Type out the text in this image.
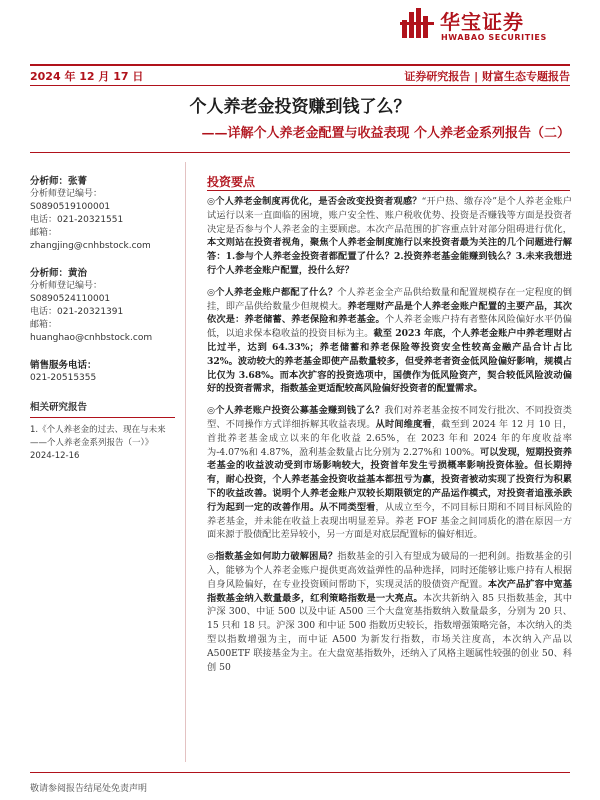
华宝证券
HWABAO SECURITIES
2024 年 12 月 17 日	证券研究报告 | 财富生态专题报告
个人养老金投资赚到钱了么？
——详解个人养老金配置与收益表现 个人养老金系列报告（二）
分析师：张菁
分析师登记编号：S0890519100001
电话：021-20321551
邮箱：zhangjing@cnhbstock.com
分析师：黄治
分析师登记编号：S0890524110001
电话：021-20321391
邮箱：huanghao@cnhbstock.com
销售服务电话：
021-20515355
相关研究报告
1.《个人养老金的过去、现在与未来——个人养老金系列报告（一）》
2024-12-16
投资要点

◎个人养老金制度再优化，是否会改变投资者观感？“开户热、缴存冷”是个人养老金账户试运行以来一直面临的困境，账户安全性、账户税收优势、投资是否赚钱等方面是投资者决定是否参与个人养老金的主要顾虑。本次产品范围的扩容重点针对部分阻碍进行优化，本文则站在投资者视角，聚焦个人养老金制度施行以来投资者最为关注的几个问题进行解答：1.参与个人养老金投资者都配置了什么？2.投资养老基金能赚到钱么？3.未来我想进行个人养老金账户配置，投什么好？

◎个人养老金账户都配了什么？个人养老金全产品供给数量和配置规模存在一定程度的倒挂，即产品供给数量少但规模大。养老理财产品是个人养老金账户配置的主要产品，其次依次是：养老储蓄、养老保险和养老基金。个人养老金账户持有者整体风险偏好水平仍偏低，以追求保本稳收益的投资目标为主。截至 2023 年底，个人养老金账户中养老理财占比过半，达到 64.33%；养老储蓄和养老保险等投资安全性较高金融产品合计占比 32%。波动较大的养老基金即使产品数量较多，但受养老者资金低风险偏好影响，规模占比仅为 3.68%。而本次扩容的投资选项中，国债作为低风险资产，契合较低风险波动偏好的投资者需求，指数基金更适配较高风险偏好投资者的配置需求。

◎个人养老账户投资公募基金赚到钱了么？我们对养老基金按不同发行批次、不同投资类型、不同操作方式详细拆解其收益表现。从时间维度看，截至到 2024 年 12 月 10 日，首批养老基金成立以来的年化收益 2.65%，在 2023 年和 2024 年的年度收益率为-4.07%和 4.87%，盈利基金数量占比分别为 2.27%和 100%。可以发现，短期投资养老基金的收益波动受到市场影响较大，投资首年发生亏损概率影响投资体验。但长期持有，耐心投资，个人养老基金投资收益基本都扭亏为赢，投资者被动实现了投资行为积累下的收益改善。说明个人养老金账户双较长期限锁定的产品运作模式，对投资者追涨杀跌行为起到一定的改善作用。从不同类型看，从成立至今，不同目标日期和不同目标风险的养老基金，并未能在收益上表现出明显差异。养老 FOF 基金之间同质化的潜在原因一方面来源于股债配比差异较小，另一方面是对底层配置标的偏好相近。

◎指数基金如何助力破解困局？指数基金的引入有望成为破局的一把利剑。指数基金的引入，能够为个人养老金账户提供更高效益弹性的品种选择，同时还能够让账户持有人根据自身风险偏好，在专业投资顾问帮助下，实现灵活的股债资产配置。本次产品扩容中宽基指数基金纳入数量最多，红利策略指数是一大亮点。本次共新纳入 85 只指数基金，其中沪深 300、中证 500 以及中证 A500 三个大盘宽基指数纳入数量最多，分别为 20 只、15 只和 18 只。沪深 300 和中证 500 指数历史较长，指数增强策略完备，本次纳入的类型以指数增强为主，而中证 A500 为新发行指数，市场关注度高，本次纳入产品以 A500ETF 联接基金为主。在大盘宽基指数外，还纳入了风格主题属性较强的创业 50、科创 50

敬请参阅报告结尾处免责声明
